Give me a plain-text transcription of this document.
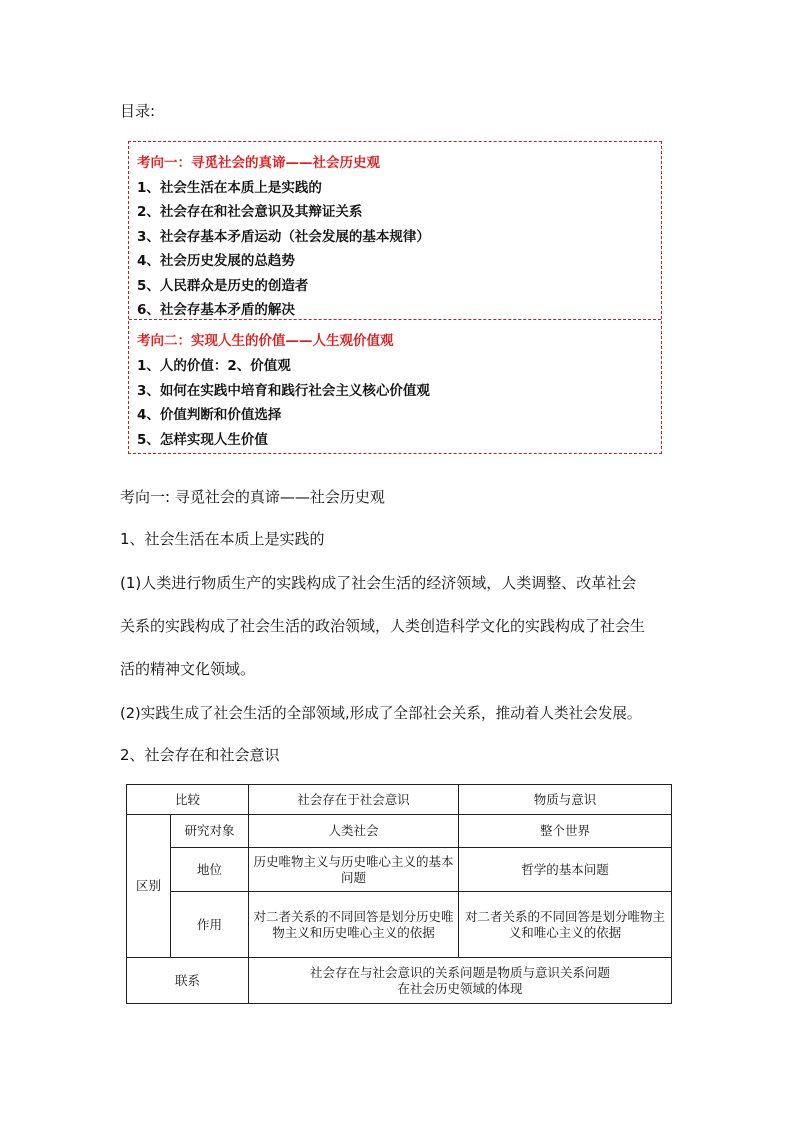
目录:
考向一：寻觅社会的真谛——社会历史观
1、社会生活在本质上是实践的
2、社会存在和社会意识及其辩证关系
3、社会存基本矛盾运动（社会发展的基本规律）
4、社会历史发展的总趋势
5、人民群众是历史的创造者
6、社会存基本矛盾的解决
考向二：实现人生的价值——人生观价值观
1、人的价值：2、价值观
3、如何在实践中培育和践行社会主义核心价值观
4、价值判断和价值选择
5、怎样实现人生价值
考向一: 寻觅社会的真谛——社会历史观
1、社会生活在本质上是实践的
(1)人类进行物质生产的实践构成了社会生活的经济领域，人类调整、改革社会
关系的实践构成了社会生活的政治领域，人类创造科学文化的实践构成了社会生
活的精神文化领域。
(2)实践生成了社会生活的全部领域,形成了全部社会关系，推动着人类社会发展。
2、社会存在和社会意识
比较		社会存在于社会意识	物质与意识
区别	研究对象	人类社会	整个世界
	地位	历史唯物主义与历史唯心主义的基本问题	哲学的基本问题
	作用	对二者关系的不同回答是划分历史唯物主义和历史唯心主义的依据	对二者关系的不同回答是划分唯物主义和唯心主义的依据
联系		社会存在与社会意识的关系问题是物质与意识关系问题
在社会历史领域的体现	
